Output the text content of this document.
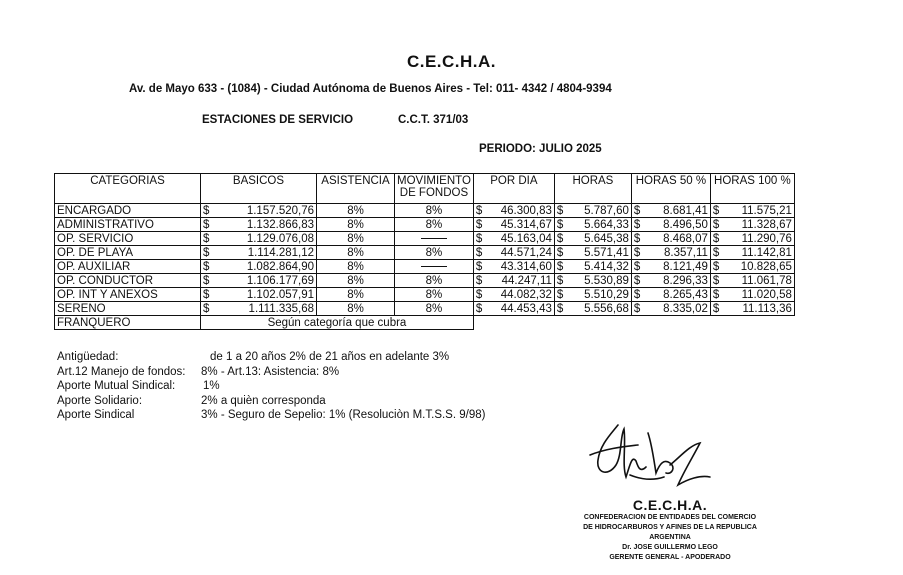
C.E.C.H.A.
Av. de Mayo 633 - (1084) - Ciudad Autónoma de Buenos Aires - Tel: 011- 4342 / 4804-9394
ESTACIONES DE SERVICIO	C.C.T. 371/03
PERIODO: JULIO 2025
CATEGORIAS	BASICOS	ASISTENCIA	MOVIMIENTO DE FONDOS	POR DIA	HORAS	HORAS 50 %	HORAS 100 %
ENCARGADO	$ 1.157.520,76	8%	8%	$ 46.300,83	$ 5.787,60	$ 8.681,41	$ 11.575,21

ADMINISTRATIVO	$ 1.132.866,83	8%	8%	$ 45.314,67	$ 5.664,33	$ 8.496,50	$ 11.328,67

OP. SERVICIO	$ 1.129.076,08	8%		$ 45.163,04	$ 5.645,38	$ 8.468,07	$ 11.290,76

OP. DE PLAYA	$ 1.114.281,12	8%	8%	$ 44.571,24	$ 5.571,41	$ 8.357,11	$ 11.142,81

OP. AUXILIAR	$ 1.082.864,90	8%		$ 43.314,60	$ 5.414,32	$ 8.121,49	$ 10.828,65

OP. CONDUCTOR	$ 1.106.177,69	8%	8%	$ 44.247,11	$ 5.530,89	$ 8.296,33	$ 11.061,78

OP. INT Y ANEXOS	$ 1.102.057,91	8%	8%	$ 44.082,32	$ 5.510,29	$ 8.265,43	$ 11.020,58

SERENO	$ 1.111.335,68	8%	8%	$ 44.453,43	$ 5.556,68	$ 8.335,02	$ 11.113,36

FRANQUERO	Según categoría que cubra						
Antigüedad:	de 1 a 20 años 2% de 21 años en adelante 3%
Art.12 Manejo de fondos: 8% - Art.13: Asistencia: 8%
Aporte Mutual Sindical: 1%
Aporte Solidario:	2% a quièn corresponda
Aporte Sindical	3% - Seguro de Sepelio: 1% (Resoluciòn M.T.S.S. 9/98)
C.E.C.H.A.
CONFEDERACION DE ENTIDADES DEL COMERCIO
DE HIDROCARBUROS Y AFINES DE LA REPUBLICA ARGENTINA
Dr. JOSE GUILLERMO LEGO
GERENTE GENERAL - APODERADO
